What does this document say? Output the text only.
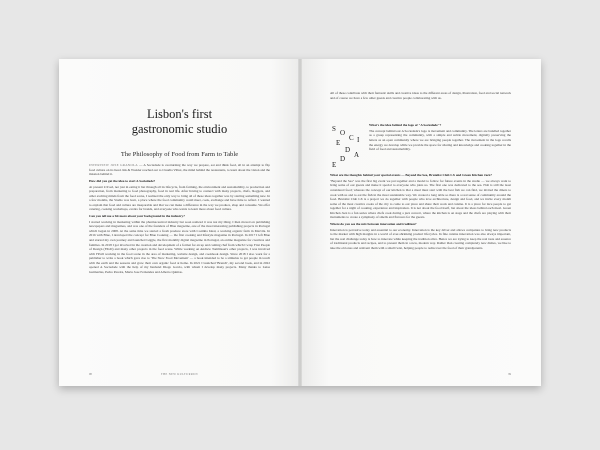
Lisbon's first
gastronomic studio
The Philosophy of Food from Farm to Table

INTERVIEW JOSE GRANOLA — A Sociedade is overturning the way we prepare, eat and think food, all in an attempt to flip food culture on its head. Ink & Wonder reached out to Claudia Villax, the mind behind the restaurants, to learn about the vision and the mission behind it.

How did you get the idea to start A Sociedade?

At present it lived, not just in eating it but through all its lifecycle, from farming, the environment and sustainability, to production and preparation, from marketing to food photography, food in real life. After having to connect with many projects, chefs, bloggers, and other exciting minds from the food scene, I realized the only way to bring all of these ideas together was by starting something new. In a few months, the Studio was born, a place where the food community could meet, cook, exchange and have time to reflect. I wanted to explain that food and culture are inseparable and that we can make a difference in the way we produce, shop and consume. We offer catering, cooking workshops, events for brands, and everyone who wants to learn more about food culture.

Can you tell me a bit more about your background in the industry?

I started working in marketing within the pharmaceutical industry but soon realized it was not my thing. I then moved on publishing newspapers and magazines, and was one of the founders of Blue magazine, one of the most interesting publishing projects in Portugal which began in 2008. At the same time we started a fresh produce store with Cozinha Ideal, a working organic farm in Marvila. In 2016 with Blue, I developed the concept for Blue Cooking — the first cooking and lifestyle magazine in Portugal. In 2017 I left Blue and started my own journey and launched Giggle, the first monthly digital magazine in Portugal, an online magazine for creatives and families. In 2018 I got involved in the creation and development of a format for an up and coming chef from which I wrap First People of Design (FPoD) and many other projects in the food scene. While working on Andrew Tomlinson's other projects, I was involved with FPoD working in the food scene in the area of marketing, website design, and cookbook design. Since 2018 I also work for a publisher to write a book which gave rise to 'The Slow Food Movement' — a book intended to be a stimulus to get people in touch with the earth and the seasons and grow their own organic food at home. In 2021 I launched 'Brunch', my second book, and in 2022 opened A Sociedade with the help of my husband Diogo Garcia, with whom I develop many projects. Many thanks to Luisa Guimarães, Pedro Pereira, Maria Jose Fernandes and Alberto Quintas.

98	THE NEW KULTURRUN
All of these contribute with their fantastic skills and creative ideas to the different areas of design, illustration, food and social network and of course we have a few other guests and creative people collaborating with us.
S O
C I
E
D
A
D
E

What's the idea behind the logo of "A Sociedade"?

The concept behind our A Sociedade's logo is movement and community. The letters are bundled together as a group representing the community, with a simple and subtle movement, digitally preserving the letters as an open community where we are bringing people together. The movement in the logo recalls the energy we develop while we provide the space for sharing and knowledge and cooking together in the field of food and sustainability.

What are the thoughts behind your special events — Beyond the Sea, Brutalist Club LX and Green Kitchen Jazz?

"Beyond the Sea" was the first big event we put together and a model to follow for future events in the studio — we always want to bring some of our guests and make it special to everyone who joins us. The first one was dedicated to the sea. Fish is still the least considered food; whereas the concept of our kitchen is that a meal must start with the best fish we can find, we invited the diners to cook with us and to eat the fish in the most sustainable way. We created a long table so there is a real sense of community around the food. Brutalist Club LX is a project we do together with people who love architecture, design and food, and we invite every month some of the most creative cooks of the city to come to our place and share their work and cuisine. It is a place for nice people to get together for a night of cooking, experience and inspiration. It is not about the food itself, but about the ideas behind each meal. Green Kitchen Jazz is a fun series where chefs cook during a jazz concert, where the kitchen is on stage and the chefs are playing with their instruments to create a symphony of smells and flavours for the guests.

Where do you see the mix between innovation and tradition?

Innovation is pervasive today and essential to our economy. Innovation is the key driver and allows companies to bring new products to the market with high margins in a world of ever-shrinking product lifecycles. In fine cuisine innovation was also always important, but the real challenge today is how to innovate while keeping the tradition alive. Hence we are trying to keep the real taste and essence of traditional products and recipes, and to present them in a new, modern way. Rather than creating completely new dishes, we like to take the old ones and reinvent them with a small twist, helping people to rediscover the food of their grandparents.

99
